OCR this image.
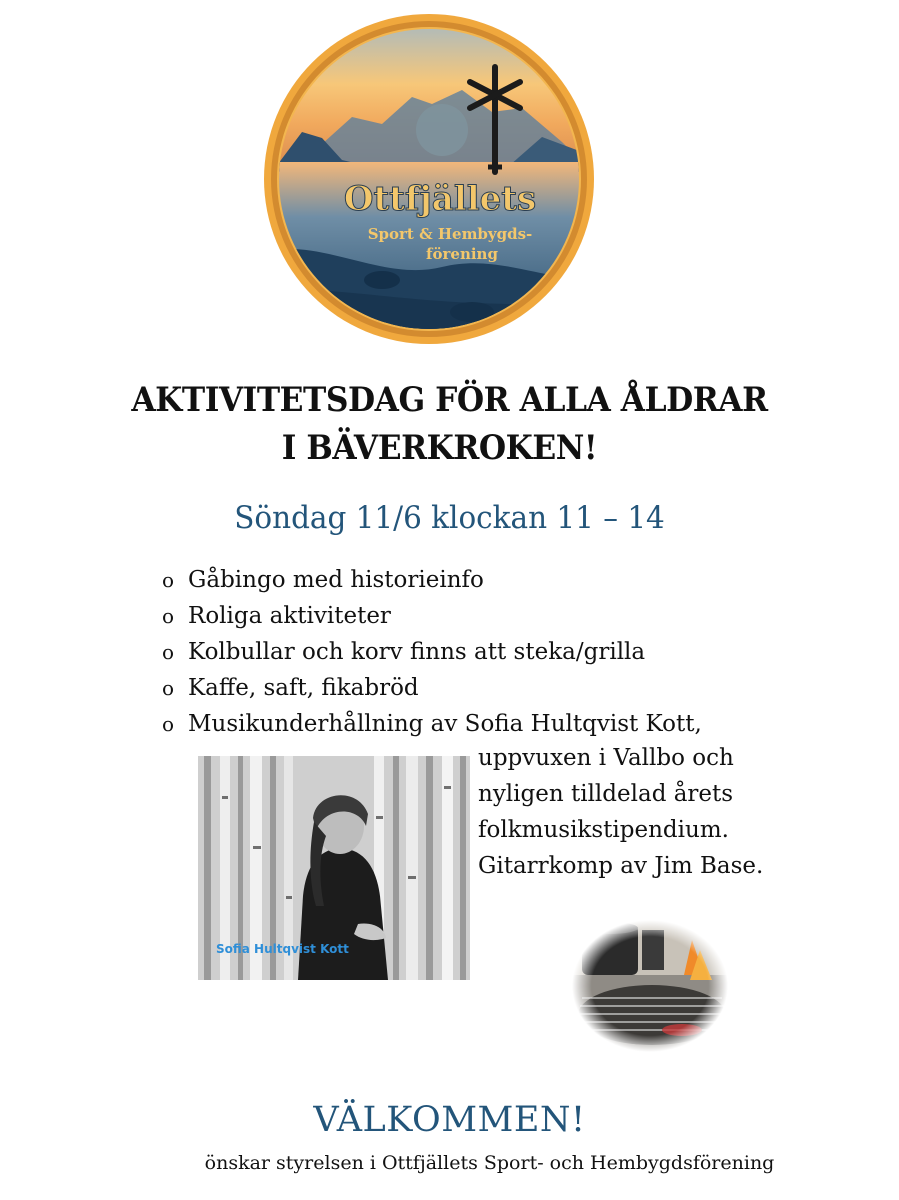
Ottfjällets
Sport & Hembygds-
förening
AKTIVITETSDAG FÖR ALLA ÅLDRAR
I BÄVERKROKEN!
Söndag 11/6 klockan 11 – 14
o Gåbingo med historieinfo
o Roliga aktiviteter
o Kolbullar och korv finns att steka/grilla
o Kaffe, saft, fikabröd
o Musikunderhållning av Sofia Hultqvist Kott,
uppvuxen i Vallbo och
nyligen tilldelad årets
folkmusikstipendium.
Gitarrkomp av Jim Base.
Sofia Hultqvist Kott
VÄLKOMMEN!
önskar styrelsen i Ottfjällets Sport- och Hembygdsförening
